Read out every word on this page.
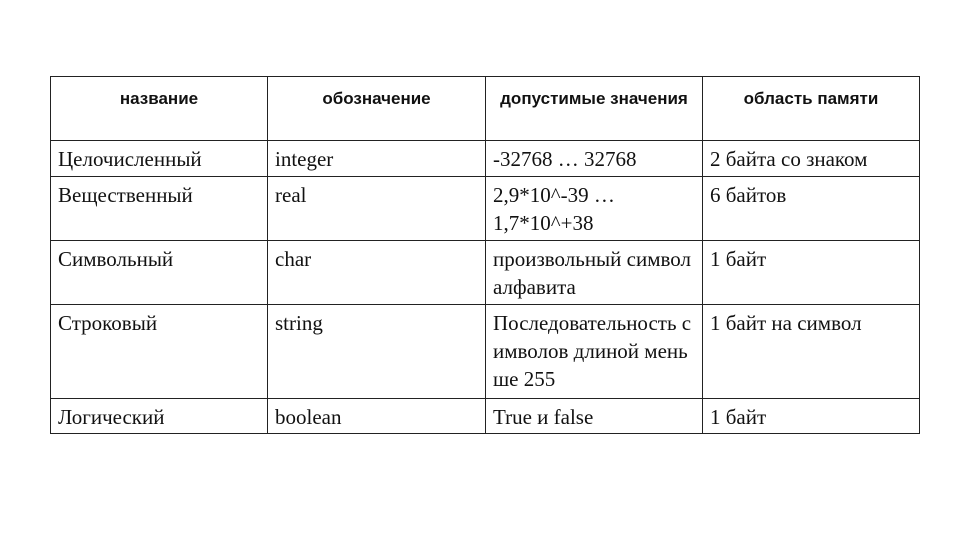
название	обозначение	допустимые значения	область памяти
Целочисленный	integer	-32768 … 32768	2 байта со знаком
Вещественный	real	2,9*10^-39 … 1,7*10^+38	6 байтов
Символьный	char	произвольный символ алфавита	1 байт
Строковый	string	Последовательность символов длиной меньше 255	1 байт на символ
Логический	boolean	True и false	1 байт
